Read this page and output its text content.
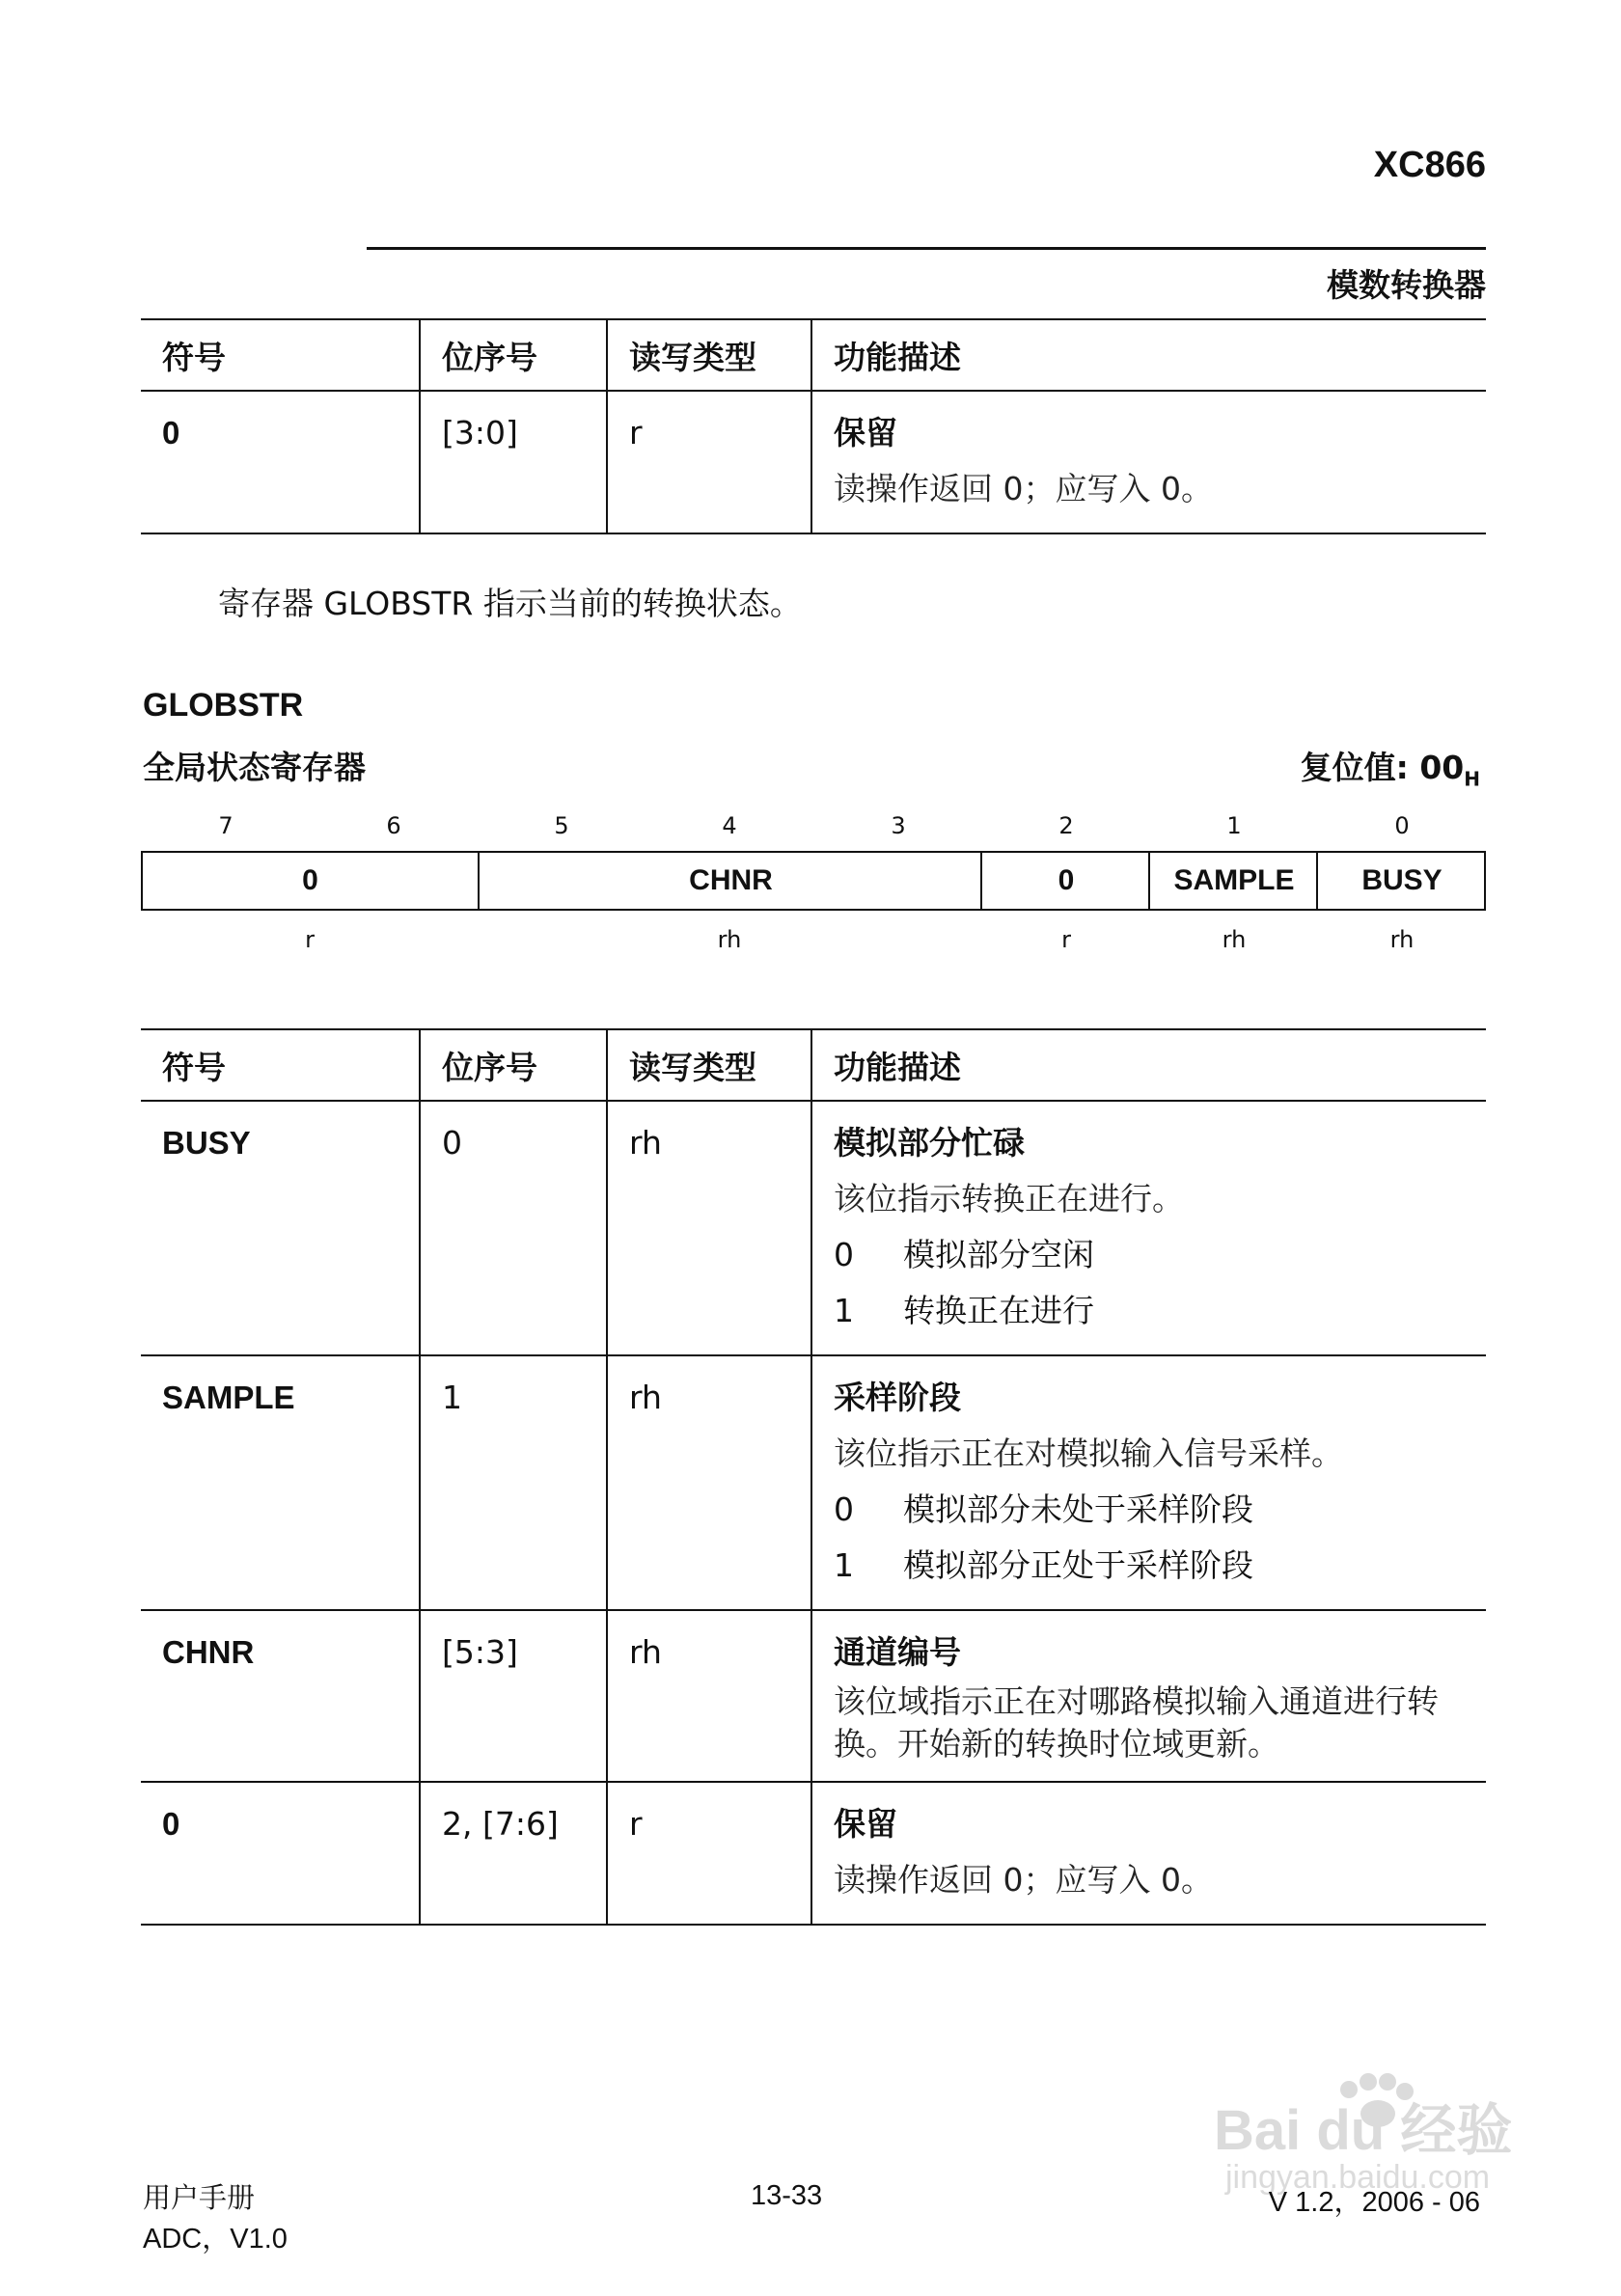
XC866
模数转换器
符号	位序号	读写类型	功能描述
0	[3:0]	r	保留
读操作返回 0；应写入 0。
寄存器 GLOBSTR 指示当前的转换状态。
GLOBSTR
全局状态寄存器	复位值: $00_H$
7	6	5	4	3	2	1	0
0	CHNR	0	SAMPLE	BUSY
r	rh	r	rh	rh
符号	位序号	读写类型	功能描述
BUSY	0	rh	模拟部分忙碌
该位指示转换正在进行。
0 模拟部分空闲
1 转换正在进行

SAMPLE	1	rh	采样阶段
该位指示正在对模拟输入信号采样。
0 模拟部分未处于采样阶段
1 模拟部分正处于采样阶段

CHNR	[5:3]	rh	通道编号
该位域指示正在对哪路模拟输入通道进行转
换。开始新的转换时位域更新。

0	2, [7:6]	r	保留
读操作返回 0；应写入 0。
Bai du 经验
jingyan.baidu.com
用户手册
ADC，V1.0
13-33	V 1.2，2006 - 06
